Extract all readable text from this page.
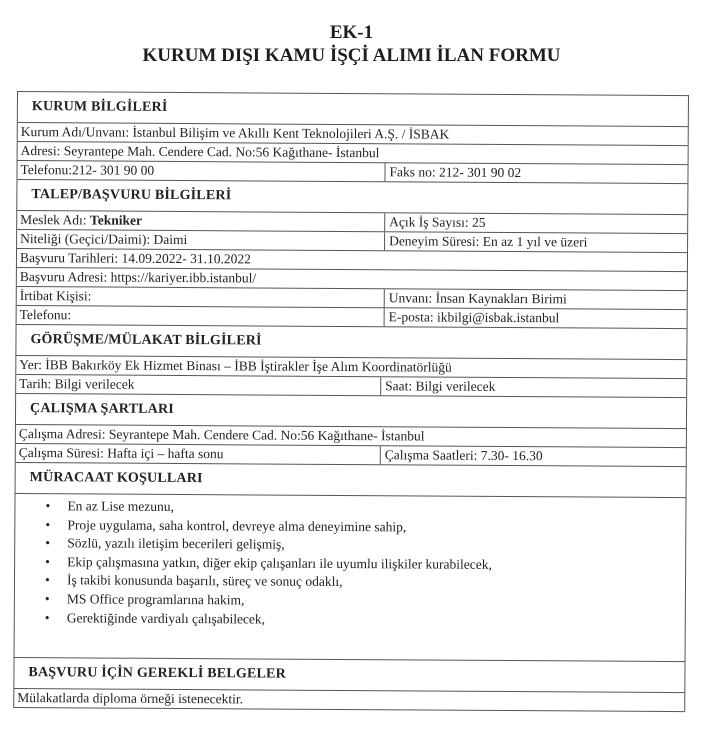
EK-1
KURUM DIŞI KAMU İŞÇİ ALIMI İLAN FORMU
KURUM BİLGİLERİ
Kurum Adı/Unvanı: İstanbul Bilişim ve Akıllı Kent Teknolojileri A.Ş. / İSBAK
Adresi: Seyrantepe Mah. Cendere Cad. No:56 Kağıthane- İstanbul
Telefonu:212- 301 90 00	Faks no: 212- 301 90 02
TALEP/BAŞVURU BİLGİLERİ
Meslek Adı: Tekniker	Açık İş Sayısı: 25
Niteliği (Geçici/Daimi): Daimi	Deneyim Süresi: En az 1 yıl ve üzeri
Başvuru Tarihleri: 14.09.2022- 31.10.2022
Başvuru Adresi: https://kariyer.ibb.istanbul/
İrtibat Kişisi:	Unvanı: İnsan Kaynakları Birimi
Telefonu:	E-posta: ikbilgi@isbak.istanbul
GÖRÜŞME/MÜLAKAT BİLGİLERİ
Yer: İBB Bakırköy Ek Hizmet Binası – İBB İştirakler İşe Alım Koordinatörlüğü
Tarih: Bilgi verilecek	Saat: Bilgi verilecek
ÇALIŞMA ŞARTLARI
Çalışma Adresi: Seyrantepe Mah. Cendere Cad. No:56 Kağıthane- İstanbul
Çalışma Süresi: Hafta içi – hafta sonu	Çalışma Saatleri: 7.30- 16.30
MÜRACAAT KOŞULLARI
• En az Lise mezunu,
• Proje uygulama, saha kontrol, devreye alma deneyimine sahip,
• Sözlü, yazılı iletişim becerileri gelişmiş,
• Ekip çalışmasına yatkın, diğer ekip çalışanları ile uyumlu ilişkiler kurabilecek,
• İş takibi konusunda başarılı, süreç ve sonuç odaklı,
• MS Office programlarına hakim,
• Gerektiğinde vardiyalı çalışabilecek,
BAŞVURU İÇİN GEREKLİ BELGELER
Mülakatlarda diploma örneği istenecektir.
